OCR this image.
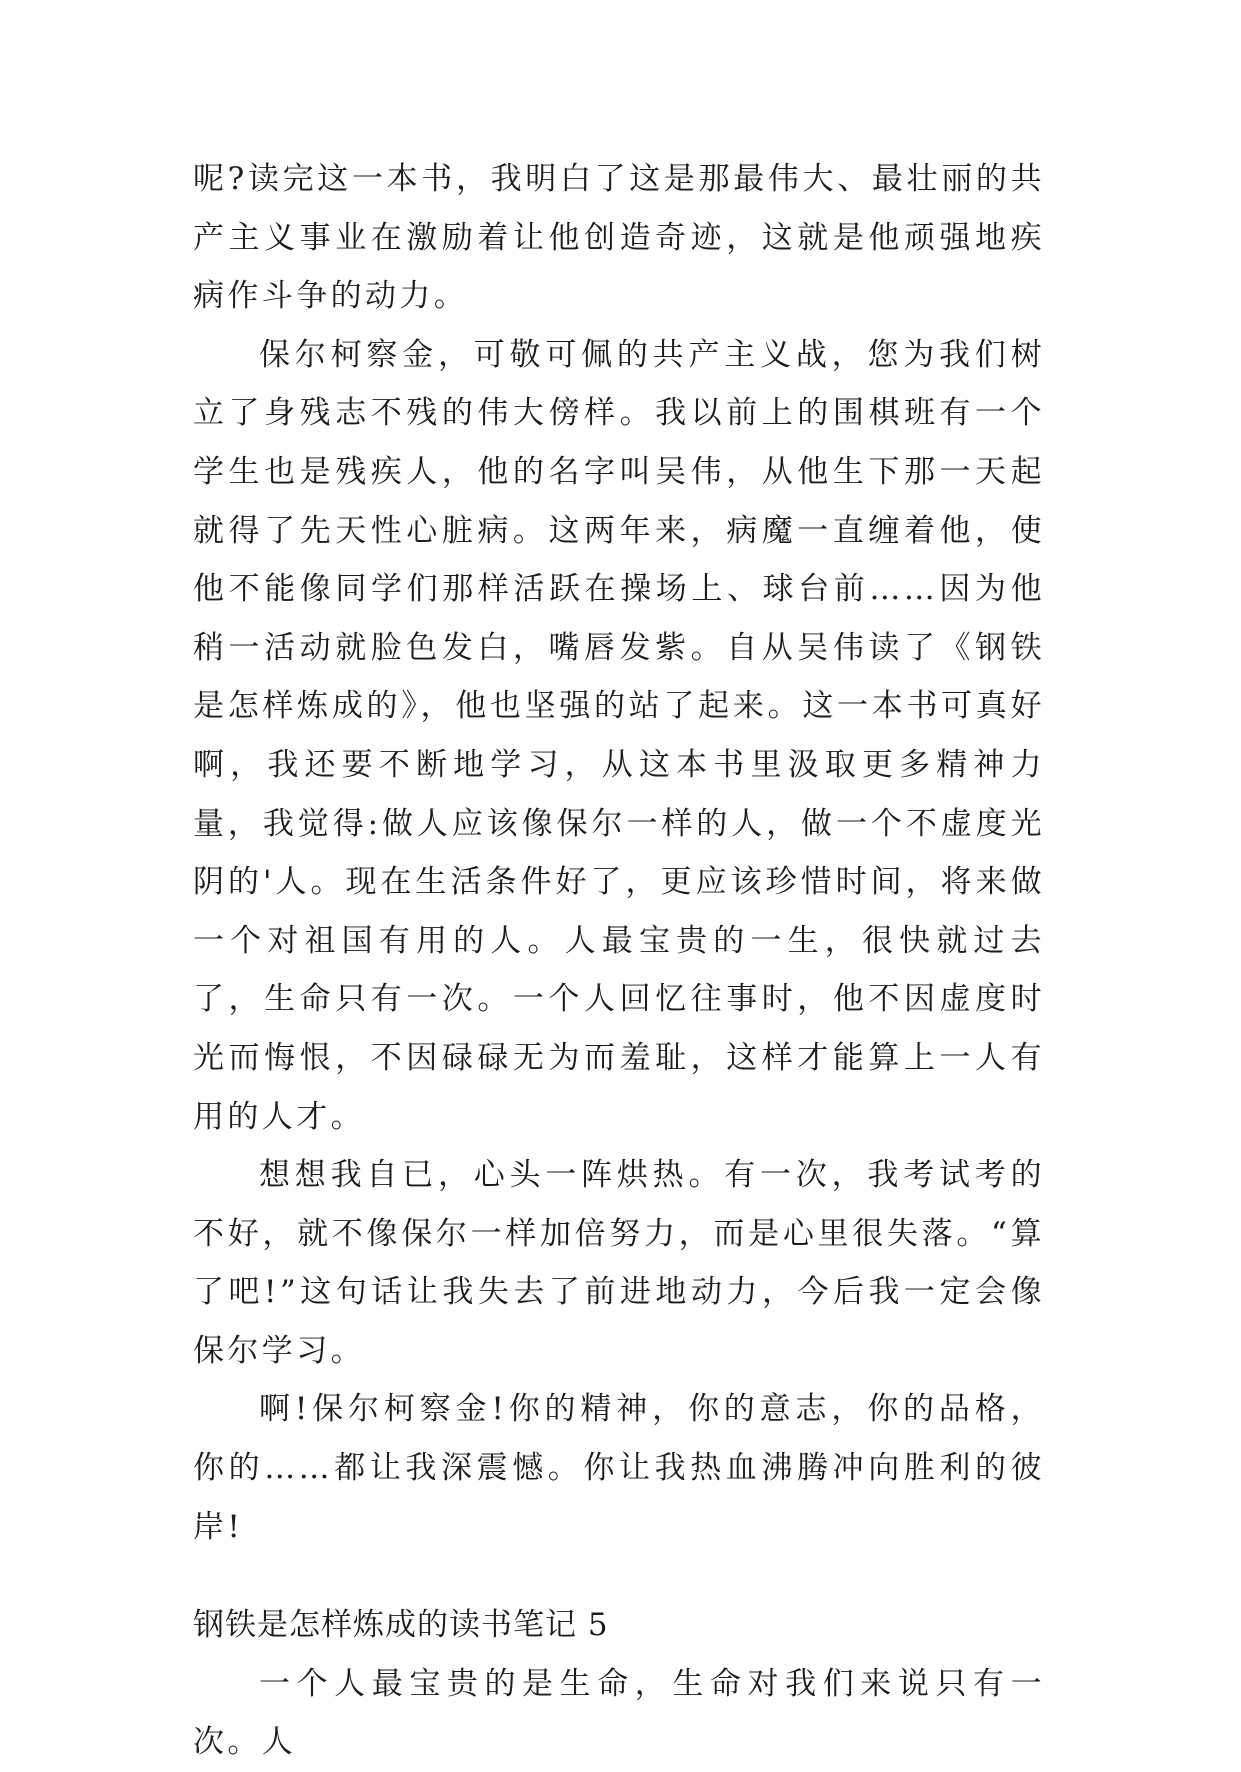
呢?读完这一本书，我明白了这是那最伟大、最壮丽的共产主义事业在激励着让他创造奇迹，这就是他顽强地疾病作斗争的动力。

保尔柯察金，可敬可佩的共产主义战，您为我们树立了身残志不残的伟大傍样。我以前上的围棋班有一个学生也是残疾人，他的名字叫吴伟，从他生下那一天起就得了先天性心脏病。这两年来，病魔一直缠着他，使他不能像同学们那样活跃在操场上、球台前……因为他稍一活动就脸色发白，嘴唇发紫。自从吴伟读了《钢铁是怎样炼成的》，他也坚强的站了起来。这一本书可真好啊，我还要不断地学习，从这本书里汲取更多精神力量，我觉得:做人应该像保尔一样的人，做一个不虚度光阴的'人。现在生活条件好了，更应该珍惜时间，将来做一个对祖国有用的人。人最宝贵的一生，很快就过去了，生命只有一次。一个人回忆往事时，他不因虚度时光而悔恨，不因碌碌无为而羞耻，这样才能算上一人有用的人才。

想想我自已，心头一阵烘热。有一次，我考试考的不好，就不像保尔一样加倍努力，而是心里很失落。“算了吧!”这句话让我失去了前进地动力，今后我一定会像保尔学习。

啊!保尔柯察金!你的精神，你的意志，你的品格，你的……都让我深震憾。你让我热血沸腾冲向胜利的彼岸!

钢铁是怎样炼成的读书笔记 5

一个人最宝贵的是生命，生命对我们来说只有一次。人
